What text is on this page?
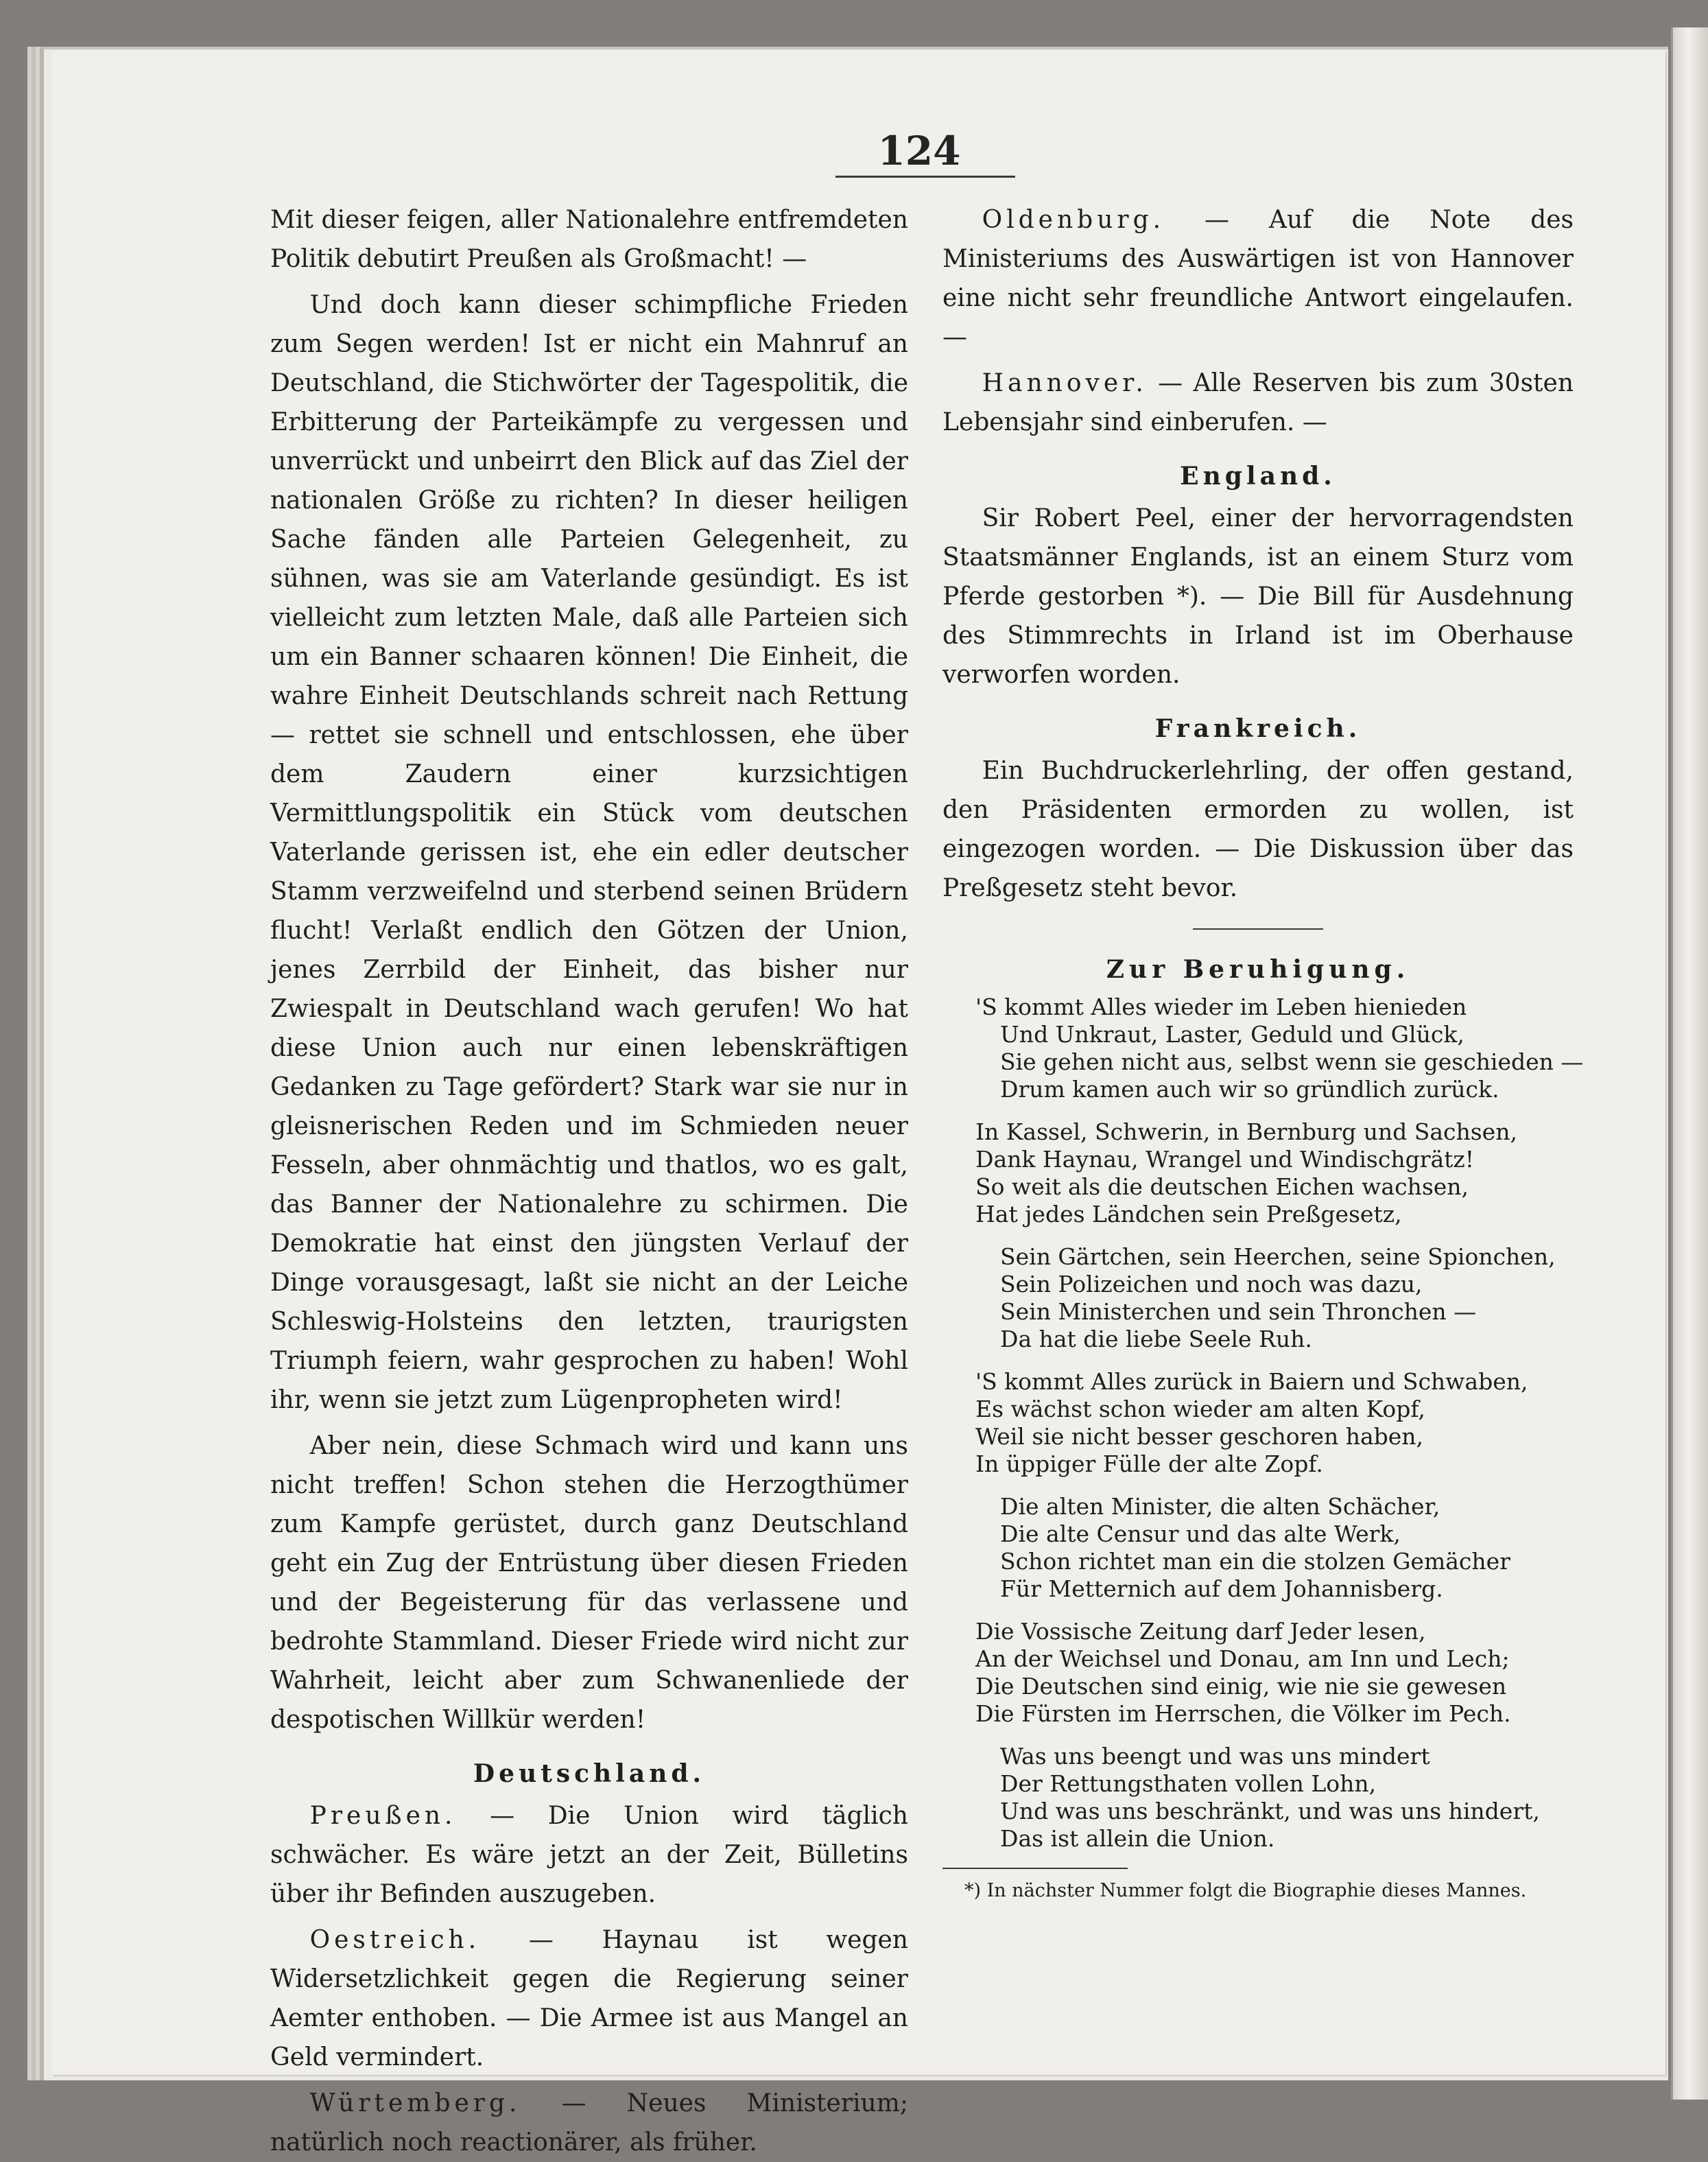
124

Mit dieser feigen, aller Nationalehre entfremdeten Politik debutirt Preußen als Großmacht! —

Und doch kann dieser schimpfliche Frieden zum Segen werden! Ist er nicht ein Mahnruf an Deutschland, die Stichwörter der Tagespolitik, die Erbitterung der Parteikämpfe zu vergessen und unverrückt und unbeirrt den Blick auf das Ziel der nationalen Größe zu richten? In dieser heiligen Sache fänden alle Parteien Gelegenheit, zu sühnen, was sie am Vaterlande gesündigt. Es ist vielleicht zum letzten Male, daß alle Parteien sich um ein Banner schaaren können! Die Einheit, die wahre Einheit Deutschlands schreit nach Rettung — rettet sie schnell und entschlossen, ehe über dem Zaudern einer kurzsichtigen Vermittlungspolitik ein Stück vom deutschen Vaterlande gerissen ist, ehe ein edler deutscher Stamm verzweifelnd und sterbend seinen Brüdern flucht! Verlaßt endlich den Götzen der Union, jenes Zerrbild der Einheit, das bisher nur Zwiespalt in Deutschland wach gerufen! Wo hat diese Union auch nur einen lebenskräftigen Gedanken zu Tage gefördert? Stark war sie nur in gleisnerischen Reden und im Schmieden neuer Fesseln, aber ohnmächtig und thatlos, wo es galt, das Banner der Nationalehre zu schirmen. Die Demokratie hat einst den jüngsten Verlauf der Dinge vorausgesagt, laßt sie nicht an der Leiche Schleswig-Holsteins den letzten, traurigsten Triumph feiern, wahr gesprochen zu haben! Wohl ihr, wenn sie jetzt zum Lügenpropheten wird!

Aber nein, diese Schmach wird und kann uns nicht treffen! Schon stehen die Herzogthümer zum Kampfe gerüstet, durch ganz Deutschland geht ein Zug der Entrüstung über diesen Frieden und der Begeisterung für das verlassene und bedrohte Stammland. Dieser Friede wird nicht zur Wahrheit, leicht aber zum Schwanenliede der despotischen Willkür werden!

Deutschland.

Preußen. — Die Union wird täglich schwächer. Es wäre jetzt an der Zeit, Bülletins über ihr Befinden auszugeben.

Oestreich. — Haynau ist wegen Widersetzlichkeit gegen die Regierung seiner Aemter enthoben. — Die Armee ist aus Mangel an Geld vermindert.

Würtemberg. — Neues Ministerium; natürlich noch reactionärer, als früher.

Oldenburg. — Auf die Note des Ministeriums des Auswärtigen ist von Hannover eine nicht sehr freundliche Antwort eingelaufen. —

Hannover. — Alle Reserven bis zum 30sten Lebensjahr sind einberufen. —

England.

Sir Robert Peel, einer der hervorragendsten Staatsmänner Englands, ist an einem Sturz vom Pferde gestorben *). — Die Bill für Ausdehnung des Stimmrechts in Irland ist im Oberhause verworfen worden.

Frankreich.

Ein Buchdruckerlehrling, der offen gestand, den Präsidenten ermorden zu wollen, ist eingezogen worden. — Die Diskussion über das Preßgesetz steht bevor.

Zur Beruhigung.
'S kommt Alles wieder im Leben hienieden
Und Unkraut, Laster, Geduld und Glück,
Sie gehen nicht aus, selbst wenn sie geschieden —
Drum kamen auch wir so gründlich zurück.
In Kassel, Schwerin, in Bernburg und Sachsen,
Dank Haynau, Wrangel und Windischgrätz!
So weit als die deutschen Eichen wachsen,
Hat jedes Ländchen sein Preßgesetz,
Sein Gärtchen, sein Heerchen, seine Spionchen,
Sein Polizeichen und noch was dazu,
Sein Ministerchen und sein Thronchen —
Da hat die liebe Seele Ruh.
'S kommt Alles zurück in Baiern und Schwaben,
Es wächst schon wieder am alten Kopf,
Weil sie nicht besser geschoren haben,
In üppiger Fülle der alte Zopf.
Die alten Minister, die alten Schächer,
Die alte Censur und das alte Werk,
Schon richtet man ein die stolzen Gemächer
Für Metternich auf dem Johannisberg.
Die Vossische Zeitung darf Jeder lesen,
An der Weichsel und Donau, am Inn und Lech;
Die Deutschen sind einig, wie nie sie gewesen
Die Fürsten im Herrschen, die Völker im Pech.
Was uns beengt und was uns mindert
Der Rettungsthaten vollen Lohn,
Und was uns beschränkt, und was uns hindert,
Das ist allein die Union.
*) In nächster Nummer folgt die Biographie dieses Mannes.
